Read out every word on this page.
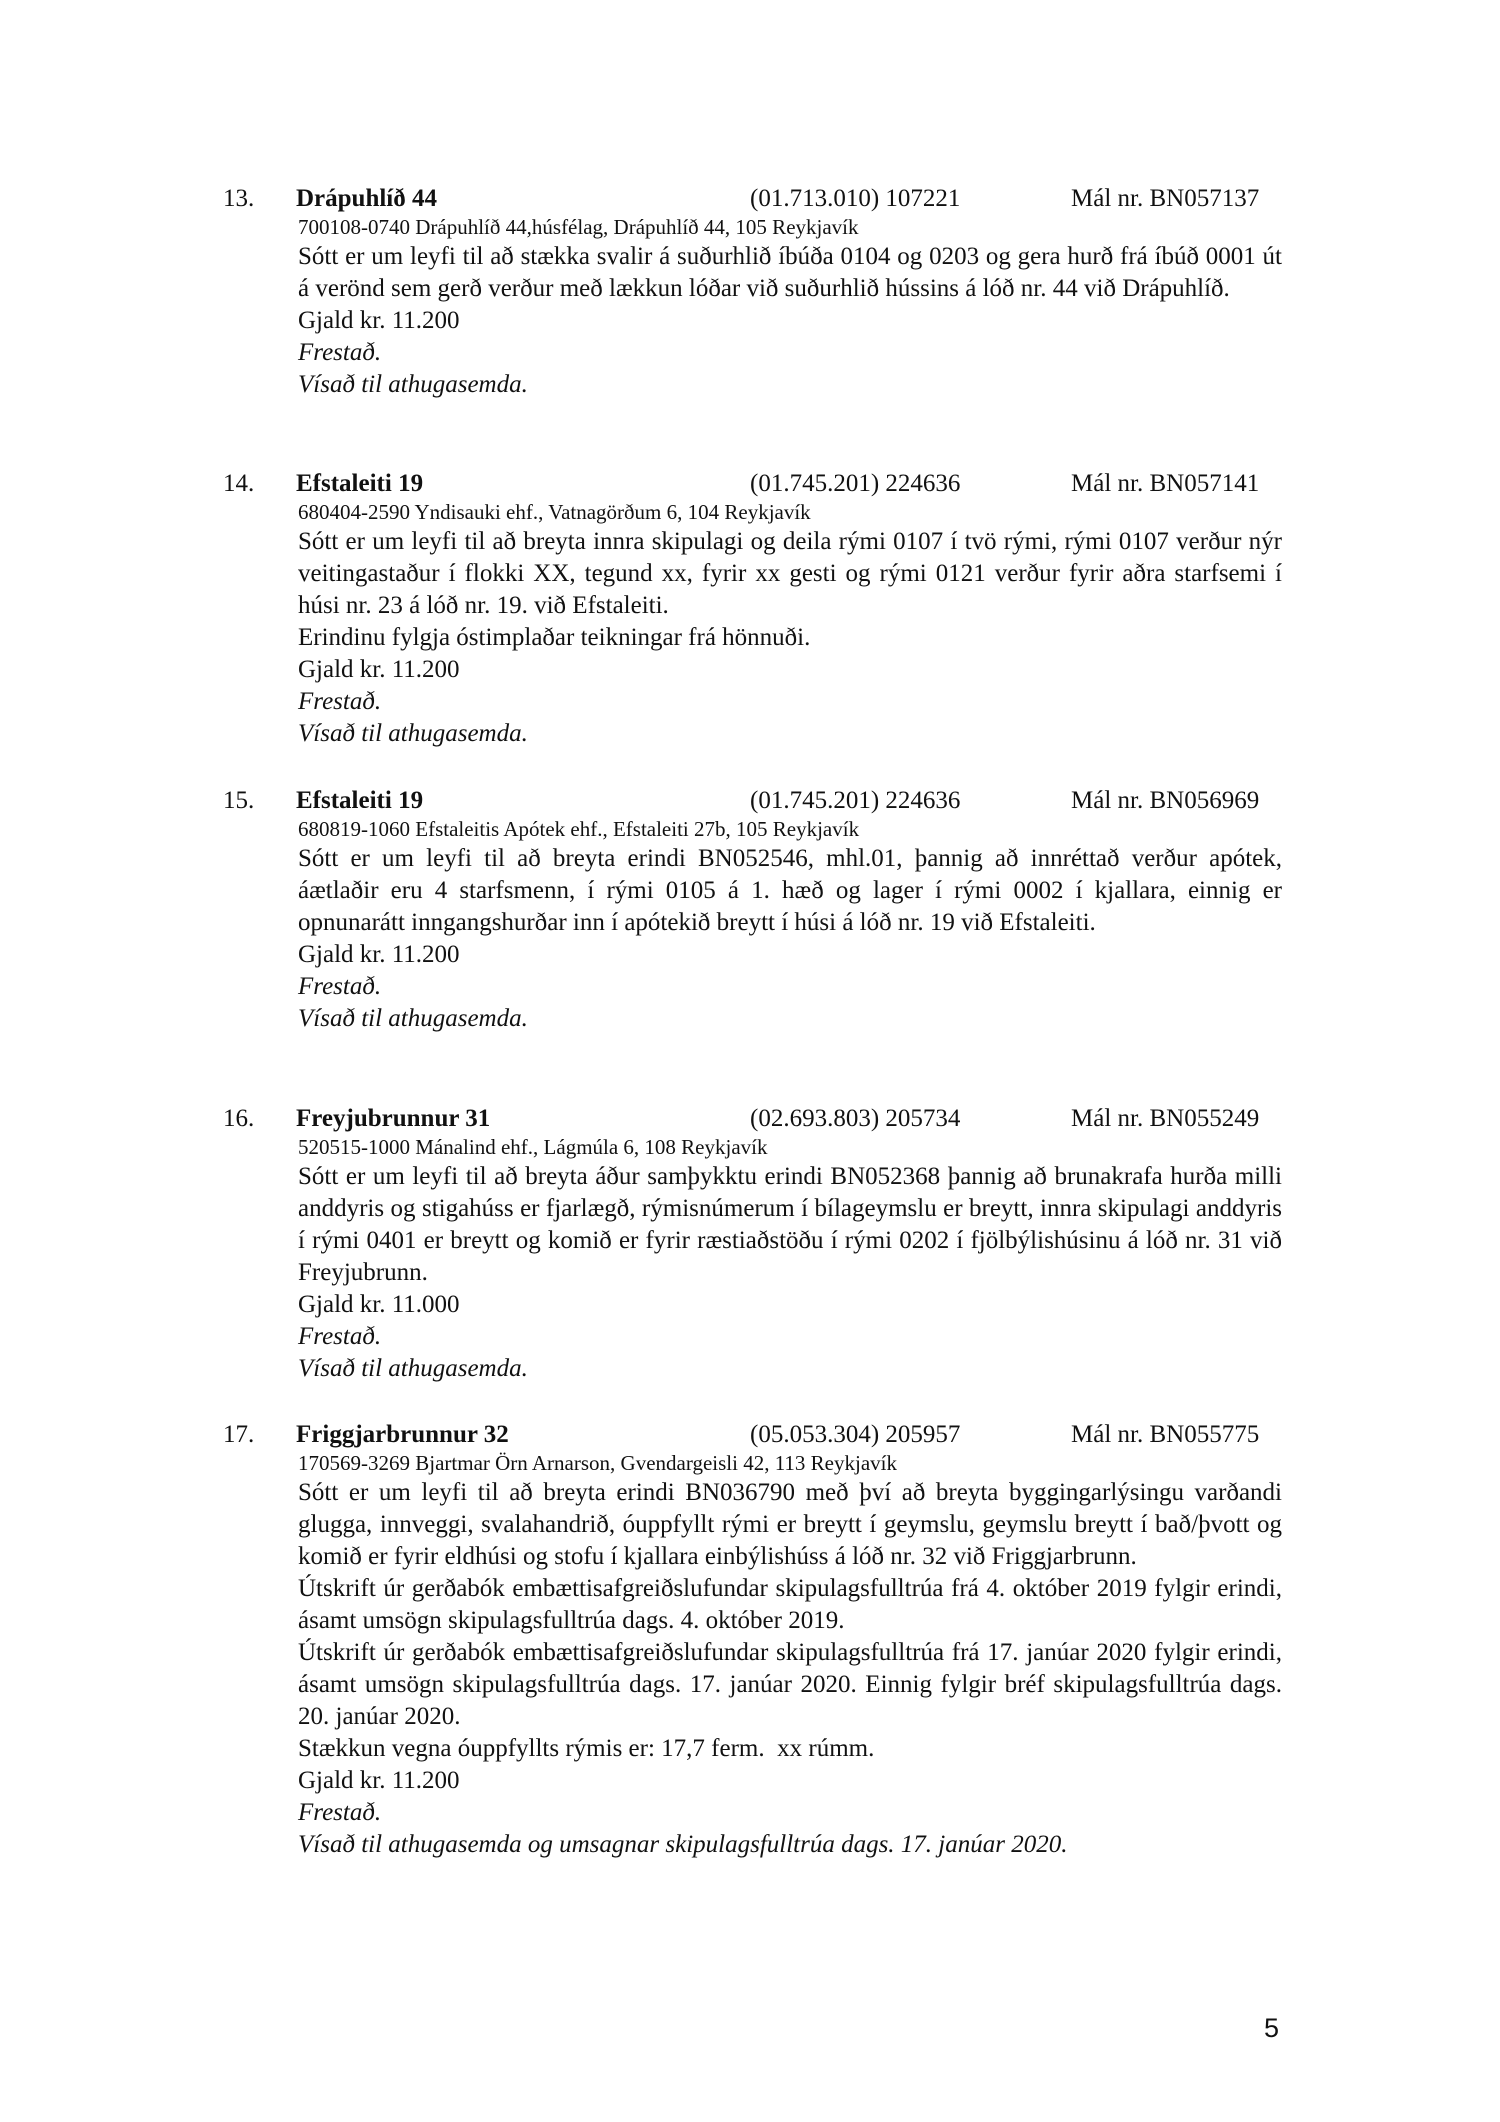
13. Drápuhlíð 44	(01.713.010) 107221	Mál nr. BN057137
700108-0740 Drápuhlíð 44,húsfélag, Drápuhlíð 44, 105 Reykjavík

Sótt er um leyfi til að stækka svalir á suðurhlið íbúða 0104 og 0203 og gera hurð frá íbúð 0001 út á verönd sem gerð verður með lækkun lóðar við suðurhlið hússins á lóð nr. 44 við Drápuhlíð.

Gjald kr. 11.200

Frestað.

Vísað til athugasemda.

14. Efstaleiti 19	(01.745.201) 224636	Mál nr. BN057141
680404-2590 Yndisauki ehf., Vatnagörðum 6, 104 Reykjavík

Sótt er um leyfi til að breyta innra skipulagi og deila rými 0107 í tvö rými, rými 0107 verður nýr veitingastaður í flokki XX, tegund xx, fyrir xx gesti og rými 0121 verður fyrir aðra starfsemi í húsi nr. 23 á lóð nr. 19. við Efstaleiti.

Erindinu fylgja óstimplaðar teikningar frá hönnuði.

Gjald kr. 11.200

Frestað.

Vísað til athugasemda.

15. Efstaleiti 19	(01.745.201) 224636	Mál nr. BN056969
680819-1060 Efstaleitis Apótek ehf., Efstaleiti 27b, 105 Reykjavík

Sótt er um leyfi til að breyta erindi BN052546, mhl.01, þannig að innréttað verður apótek, áætlaðir eru 4 starfsmenn, í rými 0105 á 1. hæð og lager í rými 0002 í kjallara, einnig er opnunarátt inngangshurðar inn í apótekið breytt í húsi á lóð nr. 19 við Efstaleiti.

Gjald kr. 11.200

Frestað.

Vísað til athugasemda.

16. Freyjubrunnur 31	(02.693.803) 205734	Mál nr. BN055249
520515-1000 Mánalind ehf., Lágmúla 6, 108 Reykjavík

Sótt er um leyfi til að breyta áður samþykktu erindi BN052368 þannig að brunakrafa hurða milli anddyris og stigahúss er fjarlægð, rýmisnúmerum í bílageymslu er breytt, innra skipulagi anddyris í rými 0401 er breytt og komið er fyrir ræstiaðstöðu í rými 0202 í fjölbýlishúsinu á lóð nr. 31 við Freyjubrunn.

Gjald kr. 11.000

Frestað.

Vísað til athugasemda.

17. Friggjarbrunnur 32	(05.053.304) 205957	Mál nr. BN055775
170569-3269 Bjartmar Örn Arnarson, Gvendargeisli 42, 113 Reykjavík

Sótt er um leyfi til að breyta erindi BN036790 með því að breyta byggingarlýsingu varðandi glugga, innveggi, svalahandrið, óuppfyllt rými er breytt í geymslu, geymslu breytt í bað/þvott og komið er fyrir eldhúsi og stofu í kjallara einbýlishúss á lóð nr. 32 við Friggjarbrunn.

Útskrift úr gerðabók embættisafgreiðslufundar skipulagsfulltrúa frá 4. október 2019 fylgir erindi, ásamt umsögn skipulagsfulltrúa dags. 4. október 2019.

Útskrift úr gerðabók embættisafgreiðslufundar skipulagsfulltrúa frá 17. janúar 2020 fylgir erindi, ásamt umsögn skipulagsfulltrúa dags. 17. janúar 2020. Einnig fylgir bréf skipulagsfulltrúa dags. 20. janúar 2020.

Stækkun vegna óuppfyllts rýmis er: 17,7 ferm.  xx rúmm.

Gjald kr. 11.200

Frestað.

Vísað til athugasemda og umsagnar skipulagsfulltrúa dags. 17. janúar 2020.

5
